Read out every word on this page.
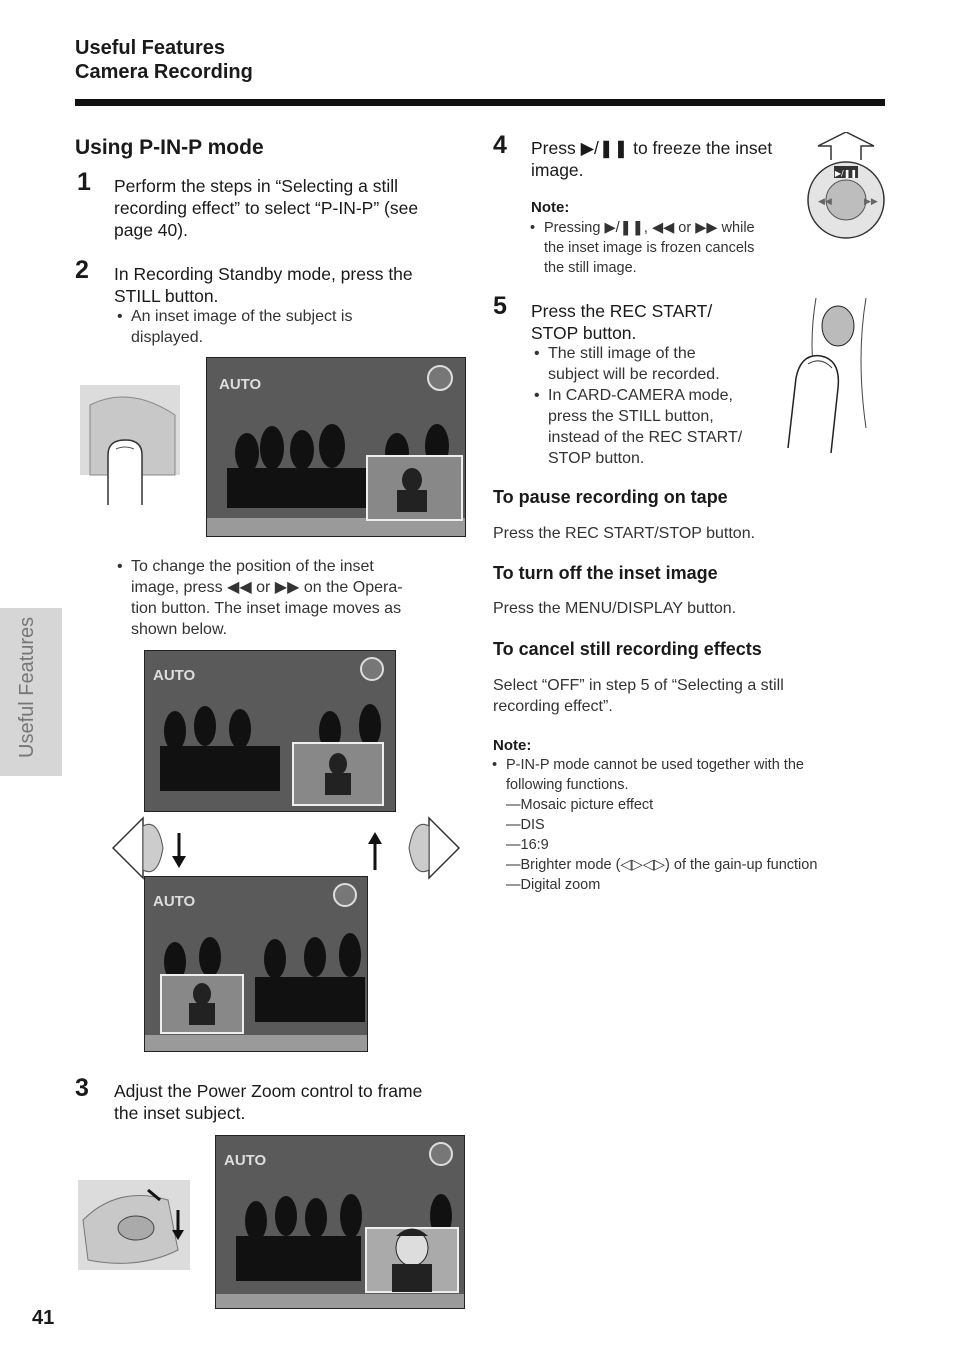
Useful Features
Camera Recording
Useful Features
Using P-IN-P mode
1 Perform the steps in “Selecting a still
recording effect” to select “P-IN-P” (see
page 40).
2 In Recording Standby mode, press the
STILL button.
• An inset image of the subject is
displayed.
AUTO
• To change the position of the inset
image, press ◀◀ or ▶▶ on the Opera-
tion button. The inset image moves as
shown below.
AUTO
AUTO
3 Adjust the Power Zoom control to frame
the inset subject.
AUTO
41
4 Press ▶/❚❚ to freeze the inset
image.
Note:
• Pressing ▶/❚❚, ◀◀ or ▶▶ while
the inset image is frozen cancels
the still image.
▶/❚❚
◀◀	▶▶
5 Press the REC START/
STOP button.
• The still image of the
subject will be recorded.
• In CARD-CAMERA mode,
press the STILL button,
instead of the REC START/
STOP button.
To pause recording on tape
Press the REC START/STOP button.
To turn off the inset image
Press the MENU/DISPLAY button.
To cancel still recording effects
Select “OFF” in step 5 of “Selecting a still
recording effect”.
Note:
• P-IN-P mode cannot be used together with the
following functions.
—Mosaic picture effect
—DIS
—16:9
—Brighter mode (◁▷◁▷) of the gain-up function
—Digital zoom
